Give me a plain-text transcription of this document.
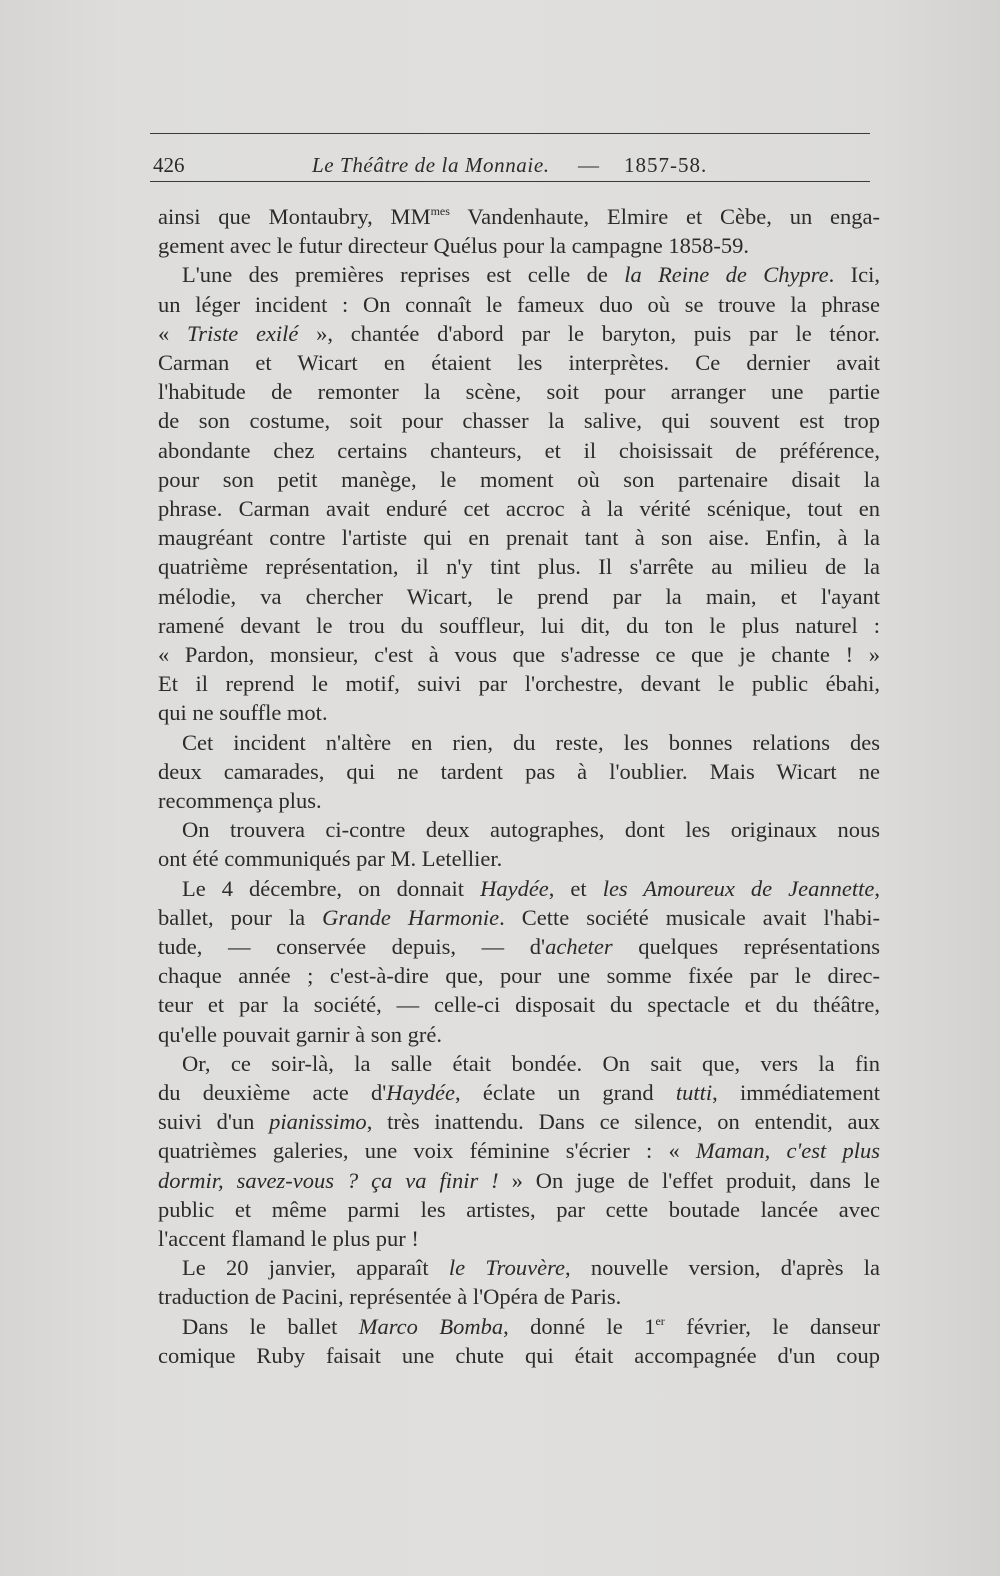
426	Le Théâtre de la Monnaie. — 1857-58.
ainsi que Montaubry, $MM^{mes}$ Vandenhaute, Elmire et Cèbe, un enga-
gement avec le futur directeur Quélus pour la campagne 1858-59.
L'une des premières reprises est celle de la Reine de Chypre. Ici,
un léger incident : On connaît le fameux duo où se trouve la phrase
« Triste exilé », chantée d'abord par le baryton, puis par le ténor.
Carman et Wicart en étaient les interprètes. Ce dernier avait
l'habitude de remonter la scène, soit pour arranger une partie
de son costume, soit pour chasser la salive, qui souvent est trop
abondante chez certains chanteurs, et il choisissait de préférence,
pour son petit manège, le moment où son partenaire disait la
phrase. Carman avait enduré cet accroc à la vérité scénique, tout en
maugréant contre l'artiste qui en prenait tant à son aise. Enfin, à la
quatrième représentation, il n'y tint plus. Il s'arrête au milieu de la
mélodie, va chercher Wicart, le prend par la main, et l'ayant
ramené devant le trou du souffleur, lui dit, du ton le plus naturel :
« Pardon, monsieur, c'est à vous que s'adresse ce que je chante ! »
Et il reprend le motif, suivi par l'orchestre, devant le public ébahi,
qui ne souffle mot.
Cet incident n'altère en rien, du reste, les bonnes relations des
deux camarades, qui ne tardent pas à l'oublier. Mais Wicart ne
recommença plus.
On trouvera ci-contre deux autographes, dont les originaux nous
ont été communiqués par M. Letellier.
Le 4 décembre, on donnait Haydée, et les Amoureux de Jeannette,
ballet, pour la Grande Harmonie. Cette société musicale avait l'habi-
tude, — conservée depuis, — d'acheter quelques représentations
chaque année ; c'est-à-dire que, pour une somme fixée par le direc-
teur et par la société, — celle-ci disposait du spectacle et du théâtre,
qu'elle pouvait garnir à son gré.
Or, ce soir-là, la salle était bondée. On sait que, vers la fin
du deuxième acte d'Haydée, éclate un grand tutti, immédiatement
suivi d'un pianissimo, très inattendu. Dans ce silence, on entendit, aux
quatrièmes galeries, une voix féminine s'écrier : « Maman, c'est plus
dormir, savez-vous ? ça va finir ! » On juge de l'effet produit, dans le
public et même parmi les artistes, par cette boutade lancée avec
l'accent flamand le plus pur !
Le 20 janvier, apparaît le Trouvère, nouvelle version, d'après la
traduction de Pacini, représentée à l'Opéra de Paris.
Dans le ballet Marco Bomba, donné le 1er février, le danseur
comique Ruby faisait une chute qui était accompagnée d'un coup
